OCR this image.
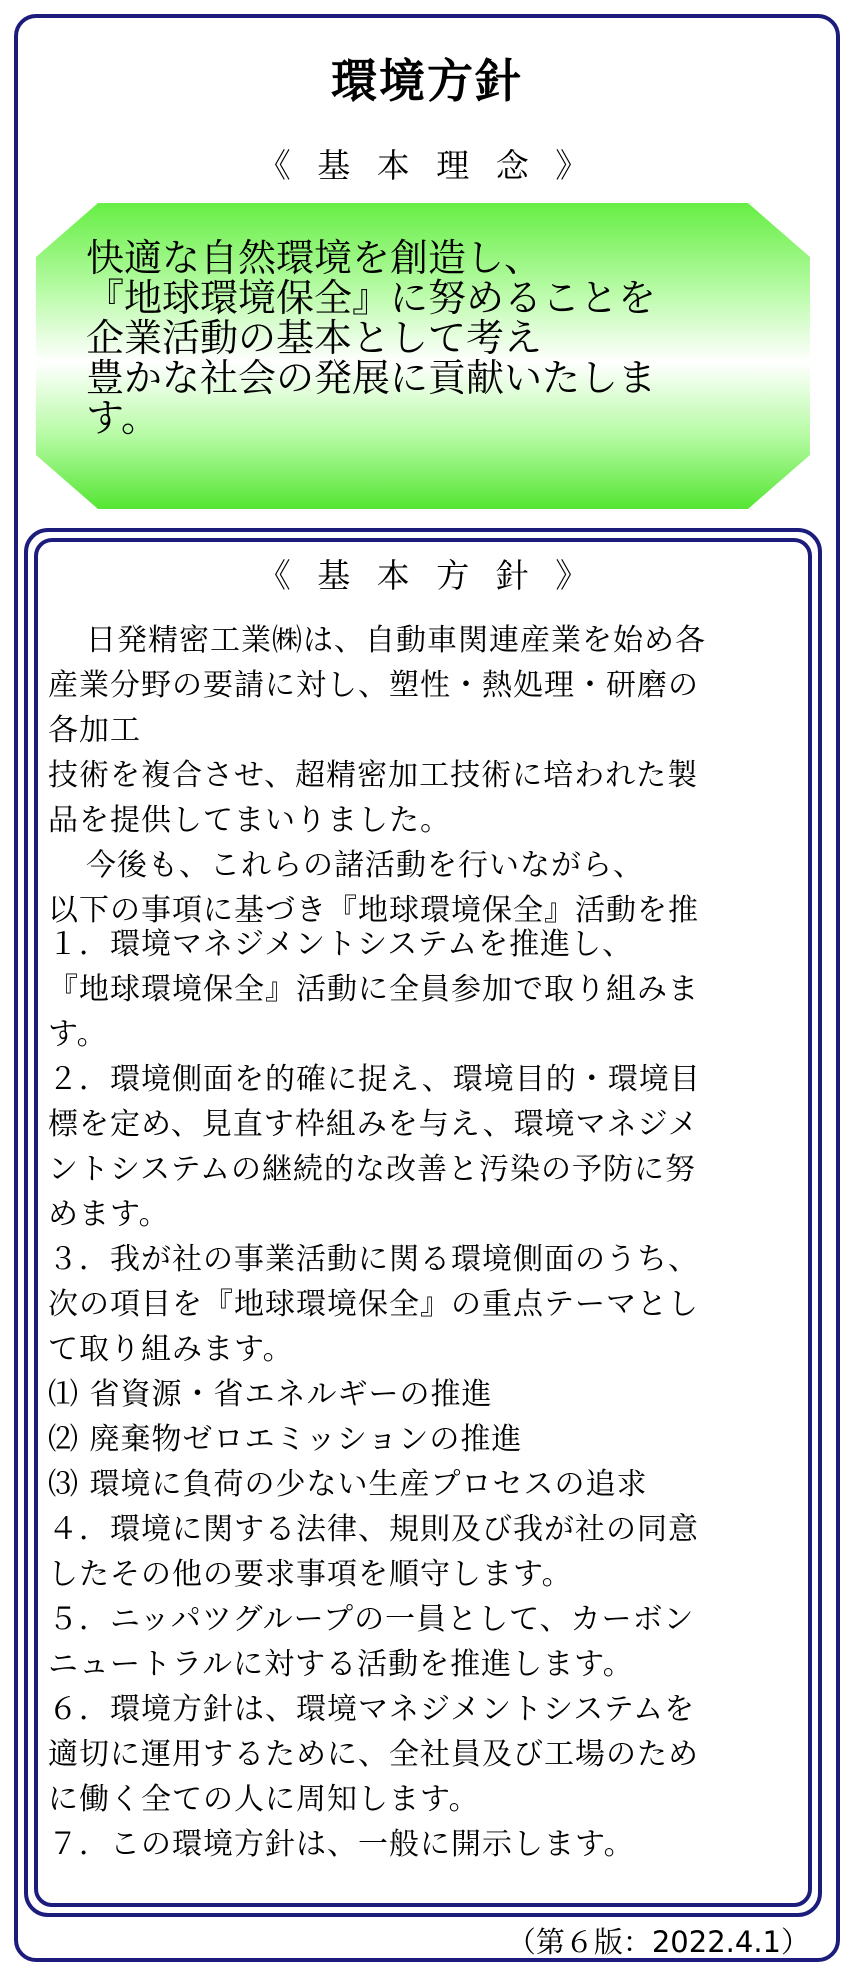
環境方針
《 基 本 理 念 》
快適な自然環境を創造し、
『地球環境保全』に努めることを
企業活動の基本として考え
豊かな社会の発展に貢献いたしま
す。
《 基 本 方 針 》
日発精密工業㈱は、自動車関連産業を始め各
産業分野の要請に対し、塑性・熱処理・研磨の
各加工
技術を複合させ、超精密加工技術に培われた製
品を提供してまいりました。
今後も、これらの諸活動を行いながら、
以下の事項に基づき『地球環境保全』活動を推
１．環境マネジメントシステムを推進し、
『地球環境保全』活動に全員参加で取り組みま
す。
２．環境側面を的確に捉え、環境目的・環境目
標を定め、見直す枠組みを与え、環境マネジメ
ントシステムの継続的な改善と汚染の予防に努
めます。
３．我が社の事業活動に関る環境側面のうち、
次の項目を『地球環境保全』の重点テーマとし
て取り組みます。
⑴ 省資源・省エネルギーの推進
⑵ 廃棄物ゼロエミッションの推進
⑶ 環境に負荷の少ない生産プロセスの追求
４．環境に関する法律、規則及び我が社の同意
したその他の要求事項を順守します。
５．ニッパツグループの一員として、カーボン
ニュートラルに対する活動を推進します。
６．環境方針は、環境マネジメントシステムを
適切に運用するために、全社員及び工場のため
に働く全ての人に周知します。
７．この環境方針は、一般に開示します。
（第６版：2022.4.1）
